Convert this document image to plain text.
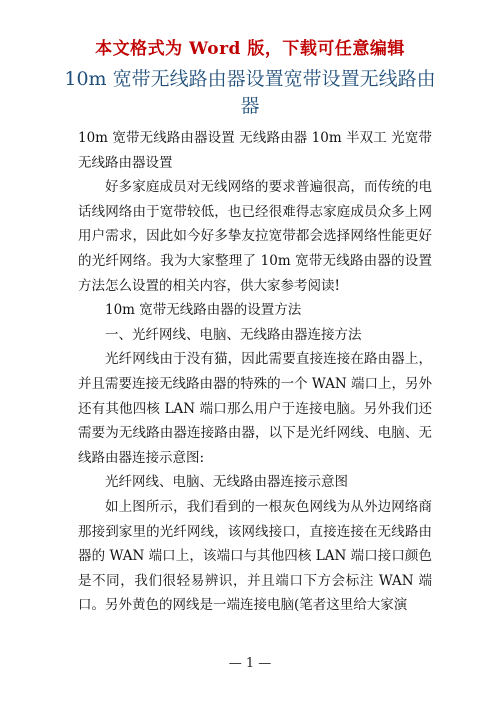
本文格式为 Word 版，下载可任意编辑
10m 宽带无线路由器设置宽带设置无线路由器

10m 宽带无线路由器设置 无线路由器 10m 半双工 光宽带无线路由器设置

好多家庭成员对无线网络的要求普遍很高，而传统的电话线网络由于宽带较低，也已经很难得志家庭成员众多上网用户需求，因此如今好多挚友拉宽带都会选择网络性能更好的光纤网络。我为大家整理了 10m 宽带无线路由器的设置方法怎么设置的相关内容，供大家参考阅读!

10m 宽带无线路由器的设置方法

一、光纤网线、电脑、无线路由器连接方法

光纤网线由于没有猫，因此需要直接连接在路由器上，并且需要连接无线路由器的特殊的一个 WAN 端口上，另外还有其他四核 LAN 端口那么用户于连接电脑。另外我们还需要为无线路由器连接路由器，以下是光纤网线、电脑、无线路由器连接示意图:

光纤网线、电脑、无线路由器连接示意图

如上图所示，我们看到的一根灰色网线为从外边网络商那接到家里的光纤网线，该网线接口，直接连接在无线路由器的 WAN 端口上，该端口与其他四核 LAN 端口接口颜色是不同，我们很轻易辨识，并且端口下方会标注 WAN 端口。另外黄色的网线是一端连接电脑(笔者这里给大家演

— 1 —
